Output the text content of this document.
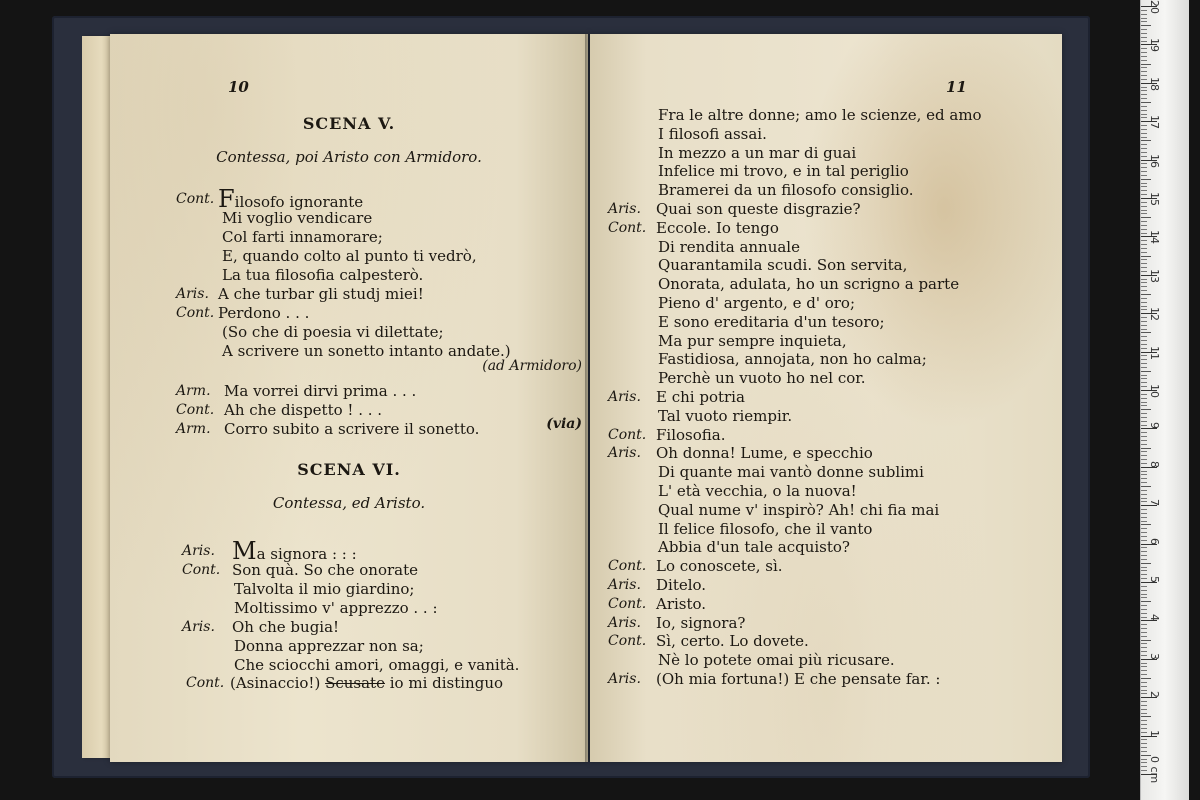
10
SCENA V.
Contessa, poi Aristo con Armidoro.
Cont. Filosofo ignorante
Mi voglio vendicare
Col farti innamorare;
E, quando colto al punto ti vedrò,
La tua filosofia calpesterò.
Aris. A che turbar gli studj miei!
Cont. Perdono . . .
(So che di poesia vi dilettate;
A scrivere un sonetto intanto andate.)
(ad Armidoro)
Arm. Ma vorrei dirvi prima . . .
Cont. Ah che dispetto ! . . .
Arm. Corro subito a scrivere il sonetto.	(via)
SCENA VI.
Contessa, ed Aristo.
Aris. Ma signora : : :
Cont. Son quà. So che onorate
Talvolta il mio giardino;
Moltissimo v' apprezzo . . :
Aris. Oh che bugia!
Donna apprezzar non sa;
Che sciocchi amori, omaggi, e vanità.
Cont. (Asinaccio!) Scusate io mi distinguo
11
Fra le altre donne; amo le scienze, ed amo
I filosofi assai.
In mezzo a un mar di guai
Infelice mi trovo, e in tal periglio
Bramerei da un filosofo consiglio.
Aris. Quai son queste disgrazie?
Cont. Eccole. Io tengo
Di rendita annuale
Quarantamila scudi. Son servita,
Onorata, adulata, ho un scrigno a parte
Pieno d' argento, e d' oro;
E sono ereditaria d'un tesoro;
Ma pur sempre inquieta,
Fastidiosa, annojata, non ho calma;
Perchè un vuoto ho nel cor.
Aris. E chi potria
Tal vuoto riempir.
Cont. Filosofia.
Aris. Oh donna! Lume, e specchio
Di quante mai vantò donne sublimi
L' età vecchia, o la nuova!
Qual nume v' inspirò? Ah! chi fia mai
Il felice filosofo, che il vanto
Abbia d'un tale acquisto?
Cont. Lo conoscete, sì.
Aris. Ditelo.
Cont. Aristo.
Aris. Io, signora?
Cont. Sì, certo. Lo dovete.
Nè lo potete omai più ricusare.
Aris. (Oh mia fortuna!) E che pensate far. :
1
2
3
4
5
6
7
8
9
10
11
12
13
14
15
16
17
18
19
20
0 cm
